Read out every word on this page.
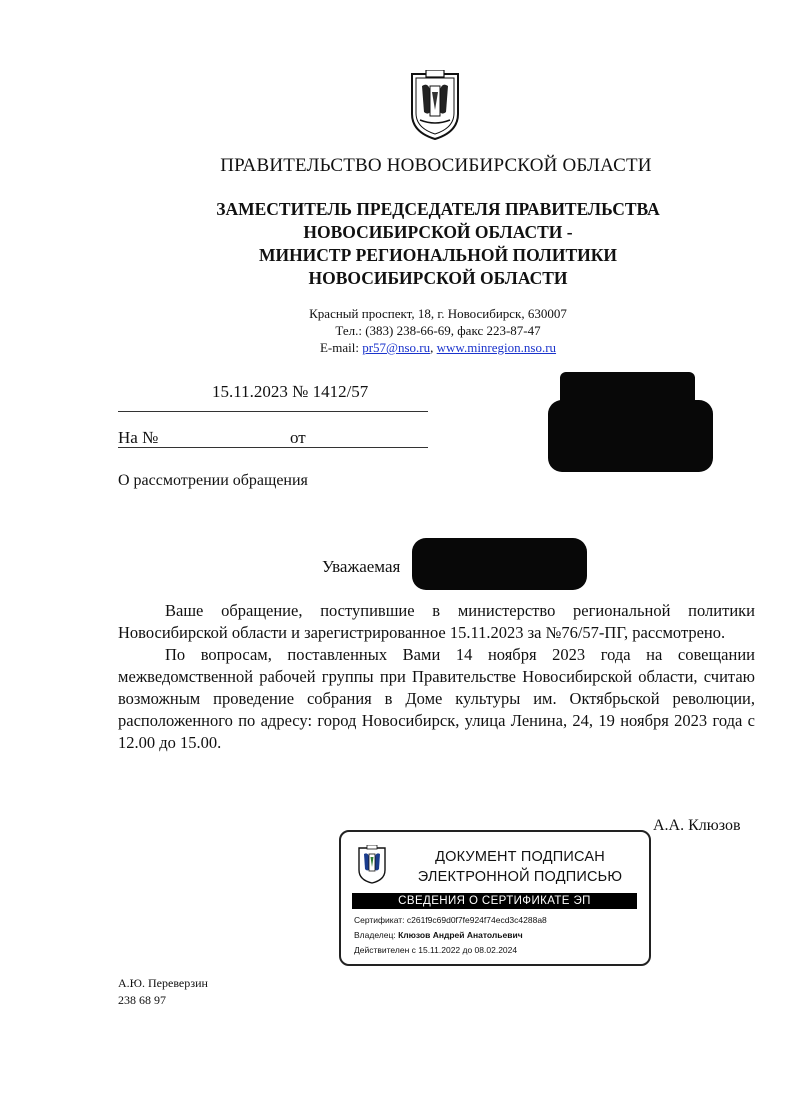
ПРАВИТЕЛЬСТВО НОВОСИБИРСКОЙ ОБЛАСТИ
ЗАМЕСТИТЕЛЬ ПРЕДСЕДАТЕЛЯ ПРАВИТЕЛЬСТВА
НОВОСИБИРСКОЙ ОБЛАСТИ -
МИНИСТР РЕГИОНАЛЬНОЙ ПОЛИТИКИ
НОВОСИБИРСКОЙ ОБЛАСТИ
Красный проспект, 18, г. Новосибирск, 630007
Тел.: (383) 238-66-69, факс 223-87-47
E-mail: pr57@nso.ru, www.minregion.nso.ru
15.11.2023 № 1412/57
На №	от
О рассмотрении обращения
Уважаемая

Ваше обращение, поступившие в министерство региональной политики Новосибирской области и зарегистрированное 15.11.2023 за №76/57-ПГ, рассмотрено.

По вопросам, поставленных Вами 14 ноября 2023 года на совещании межведомственной рабочей группы при Правительстве Новосибирской области, считаю возможным проведение собрания в Доме культуры им. Октябрьской революции, расположенного по адресу: город Новосибирск, улица Ленина, 24, 19 ноября 2023 года с 12.00 до 15.00.

А.А. Клюзов
ДОКУМЕНТ ПОДПИСАН
ЭЛЕКТРОННОЙ ПОДПИСЬЮ
СВЕДЕНИЯ О СЕРТИФИКАТЕ ЭП
Сертификат: c261f9c69d0f7fe924f74ecd3c4288a8
Владелец: Клюзов Андрей Анатольевич
Действителен с 15.11.2022 до 08.02.2024
А.Ю. Переверзин
238 68 97
